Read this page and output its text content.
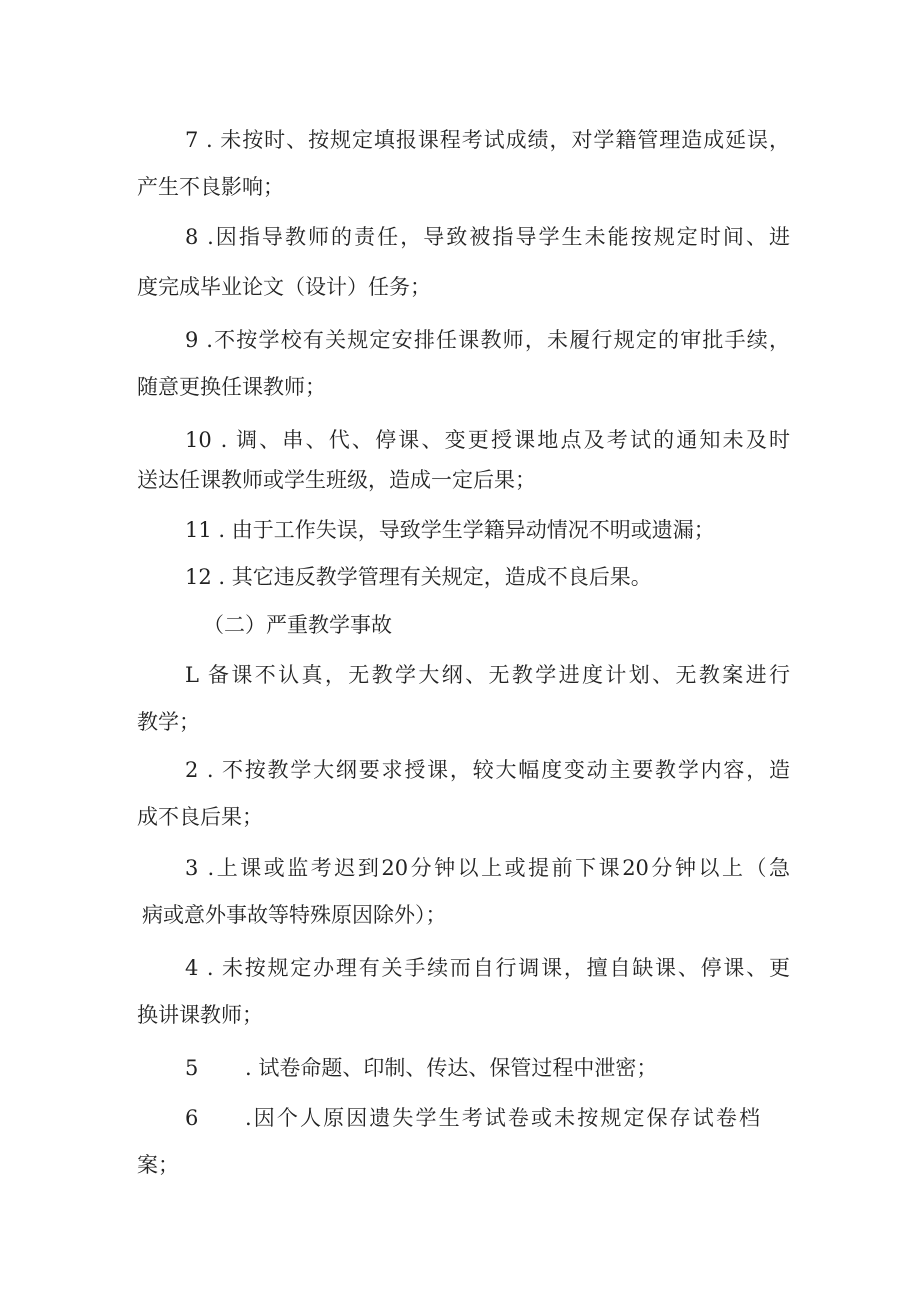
7 . 未按时、按规定填报课程考试成绩，对学籍管理造成延误，
产生不良影响；
8 .因指导教师的责任，导致被指导学生未能按规定时间、进
度完成毕业论文（设计）任务；
9 .不按学校有关规定安排任课教师，未履行规定的审批手续，
随意更换任课教师；
10 . 调、串、代、停课、变更授课地点及考试的通知未及时
送达任课教师或学生班级，造成一定后果；
11 . 由于工作失误，导致学生学籍异动情况不明或遗漏；
12 . 其它违反教学管理有关规定，造成不良后果。
（二）严重教学事故
L 备课不认真，无教学大纲、无教学进度计划、无教案进行
教学；
2 . 不按教学大纲要求授课，较大幅度变动主要教学内容，造
成不良后果；
3 .上课或监考迟到20分钟以上或提前下课20分钟以上（急
病或意外事故等特殊原因除外）；
4 . 未按规定办理有关手续而自行调课，擅自缺课、停课、更
换讲课教师；
5 . 试卷命题、印制、传达、保管过程中泄密；
6 .因个人原因遗失学生考试卷或未按规定保存试卷档
案；
